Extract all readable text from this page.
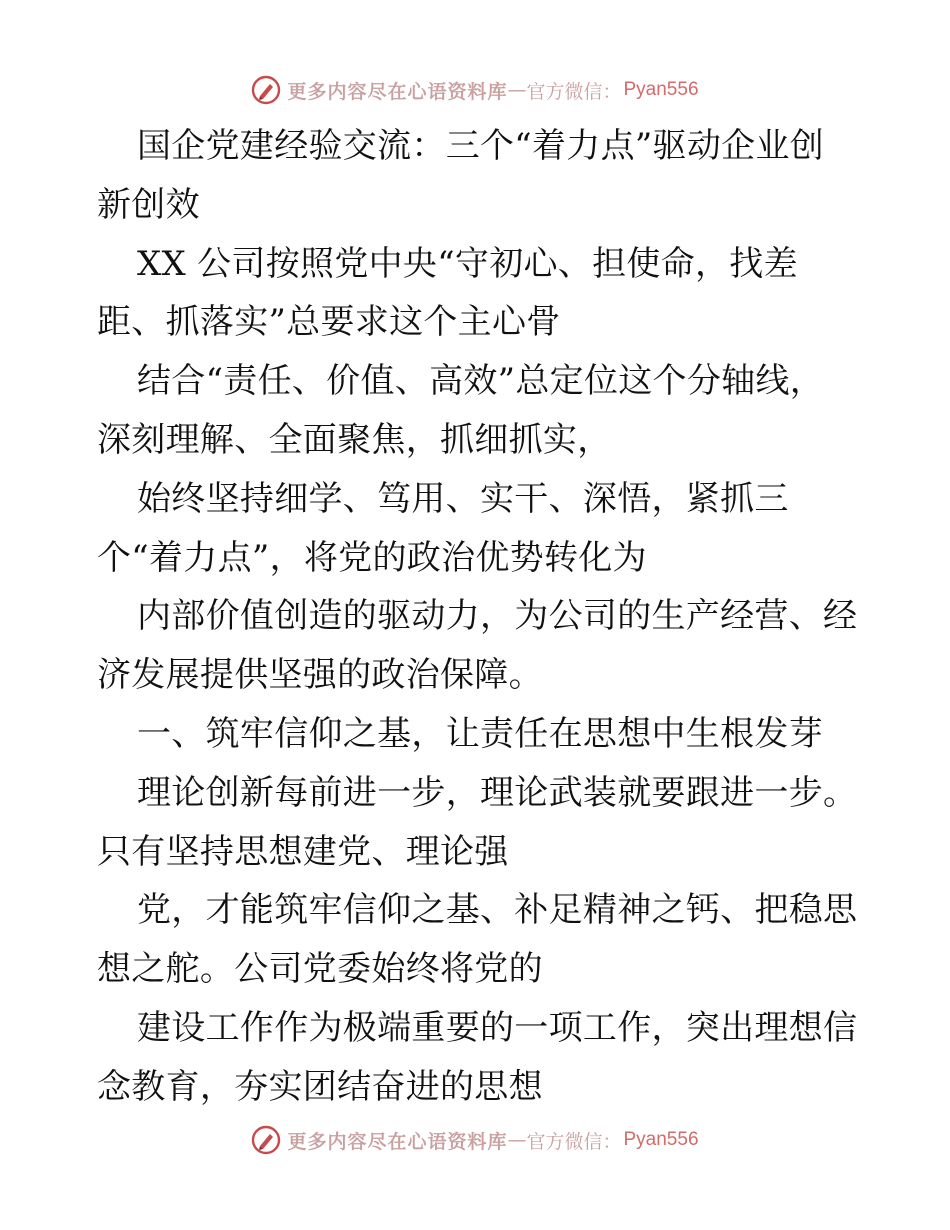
更多内容尽在心语资料库 — 官方微信： Pyan556
国企党建经验交流：三个“着力点”驱动企业创
新创效
XX 公司按照党中央“守初心、担使命，找差
距、抓落实”总要求这个主心骨
结合“责任、价值、高效”总定位这个分轴线，
深刻理解、全面聚焦，抓细抓实，
始终坚持细学、笃用、实干、深悟，紧抓三
个“着力点”，将党的政治优势转化为
内部价值创造的驱动力，为公司的生产经营、经
济发展提供坚强的政治保障。
一、筑牢信仰之基，让责任在思想中生根发芽
理论创新每前进一步，理论武装就要跟进一步。
只有坚持思想建党、理论强
党，才能筑牢信仰之基、补足精神之钙、把稳思
想之舵。公司党委始终将党的
建设工作作为极端重要的一项工作，突出理想信
念教育，夯实团结奋进的思想
更多内容尽在心语资料库 — 官方微信： Pyan556
